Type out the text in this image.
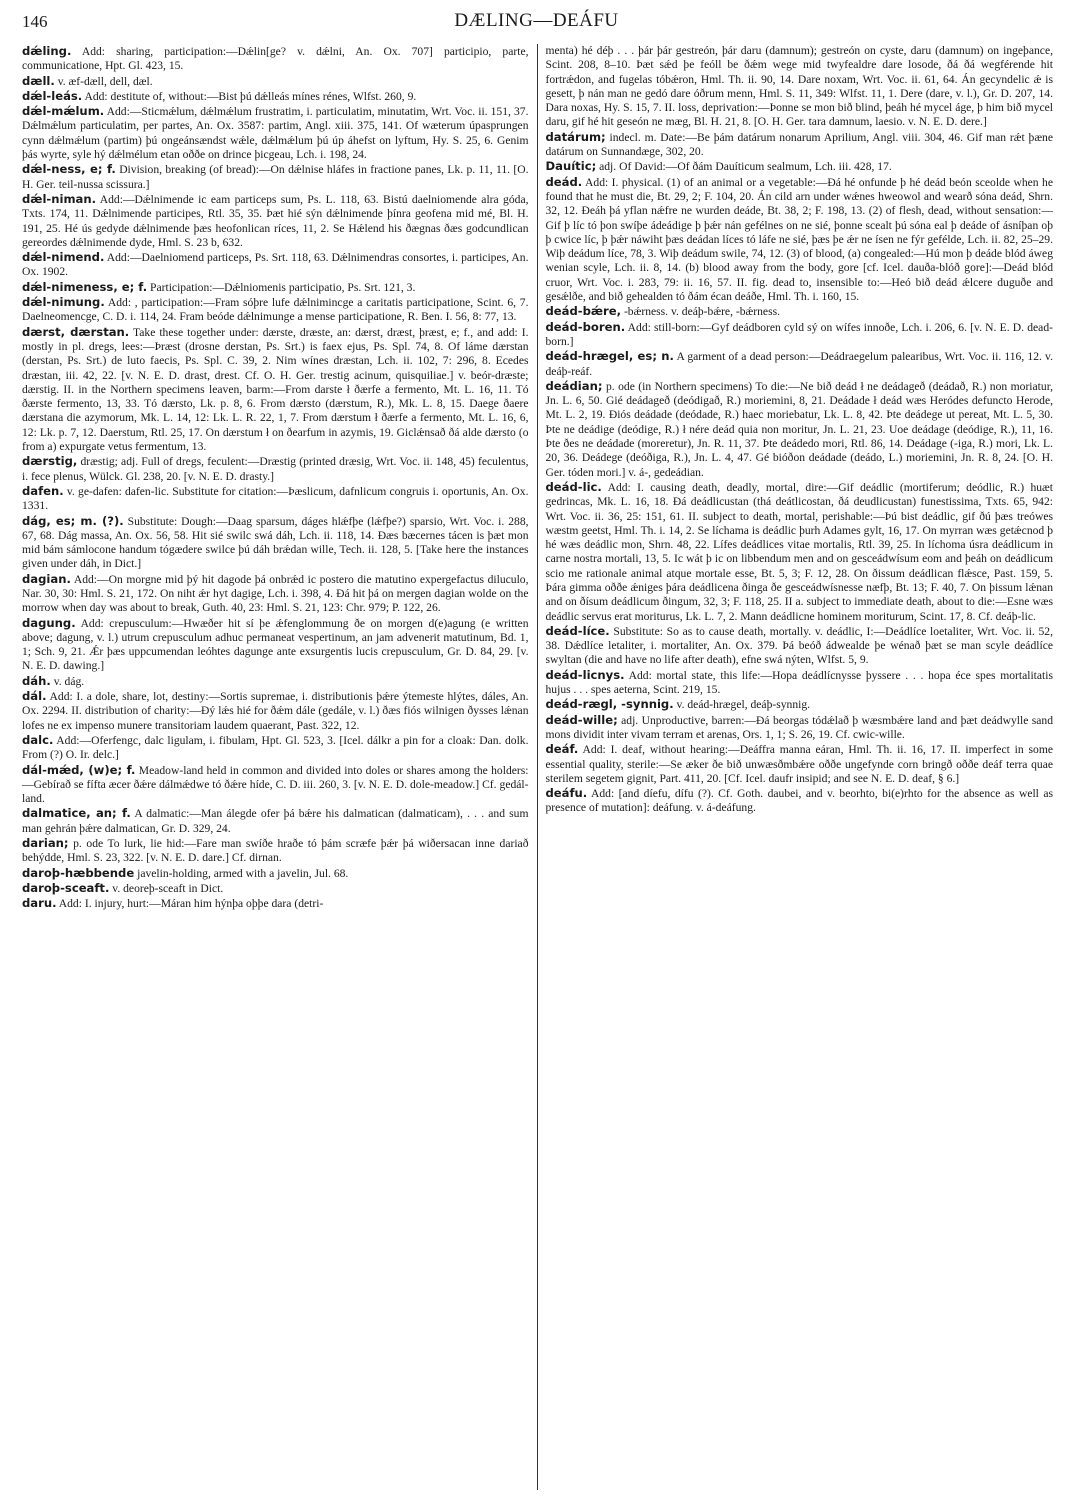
146	DÆLING—DEÁFU

dǽling. Add: sharing, participation:—Dǽlin[ge? v. dǽlni, An. Ox. 707] participio, parte, communicatione, Hpt. Gl. 423, 15.

dæll. v. æf-dæll, dell, dæl.

dǽl-leás. Add: destitute of, without:—Bist þú dǽlleás mínes rénes, Wlfst. 260, 9.

dǽl-mǽlum. Add:—Sticmǽlum, dǽlmǽlum frustratim, i. particulatim, minutatim, Wrt. Voc. ii. 151, 37. Dǽlmǽlum particulatim, per partes, An. Ox. 3587: partim, Angl. xiii. 375, 141. Of wæterum úpasprungen cynn dǽlmǽlum (partim) þú ongeánsændst wǽle, dǽlmǽlum þú úp áhefst on lyftum, Hy. S. 25, 6. Genim þás wyrte, syle hý dǽlmélum etan oððe on drince þicgeau, Lch. i. 198, 24.

dǽl-ness, e; f. Division, breaking (of bread):—On dǽlnise hláfes in fractione panes, Lk. p. 11, 11. [O. H. Ger. teil-nussa scissura.]

dǽl-niman. Add:—Dǽlnimende ic eam particeps sum, Ps. L. 118, 63. Bistú daelniomende alra góda, Txts. 174, 11. Dǽlnimende participes, Rtl. 35, 35. Þæt hié sýn dǽlnimende þínra geofena mid mé, Bl. H. 191, 25. Hé ús gedyde dǽlnimende þæs heofonlican ríces, 11, 2. Se Hǽlend his ðægnas ðæs godcundlican gereordes dǽlnimende dyde, Hml. S. 23 b, 632.

dǽl-nimend. Add:—Daelniomend particeps, Ps. Srt. 118, 63. Dǽlnimendras consortes, i. participes, An. Ox. 1902.

dǽl-nimeness, e; f. Participation:—Dǽlniomenis participatio, Ps. Srt. 121, 3.

dǽl-nimung. Add: , participation:—Fram sóþre lufe dǽlnimincge a caritatis participatione, Scint. 6, 7. Daelneomencge, C. D. i. 114, 24. Fram beóde dǽlnimunge a mense participatione, R. Ben. I. 56, 8: 77, 13.

dærst, dærstan. Take these together under: dærste, dræste, an: dærst, dræst, þræst, e; f., and add: I. mostly in pl. dregs, lees:—Þræst (drosne derstan, Ps. Srt.) is faex ejus, Ps. Spl. 74, 8. Of láme dærstan (derstan, Ps. Srt.) de luto faecis, Ps. Spl. C. 39, 2. Nim wínes dræstan, Lch. ii. 102, 7: 296, 8. Ecedes dræstan, iii. 42, 22. [v. N. E. D. drast, drest. Cf. O. H. Ger. trestig acinum, quisquiliae.] v. beór-dræste; dærstig. II. in the Northern specimens leaven, barm:—From darste ł ðærfe a fermento, Mt. L. 16, 11. Tó ðærste fermento, 13, 33. Tó dærsto, Lk. p. 8, 6. From dærsto (dærstum, R.), Mk. L. 8, 15. Daege ðaere dærstana die azymorum, Mk. L. 14, 12: Lk. L. R. 22, 1, 7. From dærstum ł ðærfe a fermento, Mt. L. 16, 6, 12: Lk. p. 7, 12. Daerstum, Rtl. 25, 17. On dærstum ł on ðearfum in azymis, 19. Giclǽnsað ðá alde dærsto (o from a) expurgate vetus fermentum, 13.

dærstig, dræstig; adj. Full of dregs, feculent:—Dræstig (printed dræsig, Wrt. Voc. ii. 148, 45) feculentus, i. fece plenus, Wülck. Gl. 238, 20. [v. N. E. D. drasty.]

dafen. v. ge-dafen: dafen-lic. Substitute for citation:—Þæslicum, dafnlicum congruis i. oportunis, An. Ox. 1331.

dág, es; m. (?). Substitute: Dough:—Daag sparsum, dáges hlǽfþe (lǽfþe?) sparsio, Wrt. Voc. i. 288, 67, 68. Dág massa, An. Ox. 56, 58. Hit sié swilc swá dáh, Lch. ii. 118, 14. Ðæs bæcernes tácen is þæt mon mid bám sámlocone handum tógædere swilce þú dáh brǽdan wille, Tech. ii. 128, 5. [Take here the instances given under dáh, in Dict.]

dagian. Add:—On morgne mid þý hit dagode þá onbrǽd ic postero die matutino expergefactus diluculo, Nar. 30, 30: Hml. S. 21, 172. On niht ǽr hyt dagige, Lch. i. 398, 4. Ðá hit þá on mergen dagian wolde on the morrow when day was about to break, Guth. 40, 23: Hml. S. 21, 123: Chr. 979; P. 122, 26.

dagung. Add: crepusculum:—Hwæðer hit sí þe ǽfenglommung ðe on morgen d(e)agung (e written above; dagung, v. l.) utrum crepusculum adhuc permaneat vespertinum, an jam advenerit matutinum, Bd. 1, 1; Sch. 9, 21. Ǽr þæs uppcumendan leóhtes dagunge ante exsurgentis lucis crepusculum, Gr. D. 84, 29. [v. N. E. D. dawing.]

dáh. v. dág.

dál. Add: I. a dole, share, lot, destiny:—Sortis supremae, i. distributionis þǽre ýtemeste hlýtes, dáles, An. Ox. 2294. II. distribution of charity:—Ðý lǽs hié for ðǽm dále (gedále, v. l.) ðæs fiós wilnigen ðysses lǽnan lofes ne ex impenso munere transitoriam laudem quaerant, Past. 322, 12.

dalc. Add:—Oferfengc, dalc ligulam, i. fibulam, Hpt. Gl. 523, 3. [Icel. dálkr a pin for a cloak: Dan. dolk. From (?) O. Ir. delc.]

dál-mǽd, (w)e; f. Meadow-land held in common and divided into doles or shares among the holders:—Gebírað se fífta æcer ðǽre dálmǽdwe tó ðǽre híde, C. D. iii. 260, 3. [v. N. E. D. dole-meadow.] Cf. gedál-land.

dalmatice, an; f. A dalmatic:—Man álegde ofer þá bǽre his dalmatican (dalmaticam), . . . and sum man gehrán þǽre dalmatican, Gr. D. 329, 24.

darian; p. ode To lurk, lie hid:—Fare man swíðe hraðe tó þám scræfe þǽr þá wiðersacan inne dariað behýdde, Hml. S. 23, 322. [v. N. E. D. dare.] Cf. dirnan.

daroþ-hæbbende javelin-holding, armed with a javelin, Jul. 68.

daroþ-sceaft. v. deoreþ-sceaft in Dict.

daru. Add: I. injury, hurt:—Máran him hýnþa oþþe dara (detri-

menta) hé déþ . . . þár þár gestreón, þár daru (damnum); gestreón on cyste, daru (damnum) on ingeþance, Scint. 208, 8–10. Þæt sǽd þe feóll be ðǽm wege mid twyfealdre dare losode, ðá ðá wegférende hit fortrǽdon, and fugelas tóbǽron, Hml. Th. ii. 90, 14. Dare noxam, Wrt. Voc. ii. 61, 64. Án gecyndelic ǽ is gesett, þ nán man ne gedó dare óðrum menn, Hml. S. 11, 349: Wlfst. 11, 1. Dere (dare, v. l.), Gr. D. 207, 14. Dara noxas, Hy. S. 15, 7. II. loss, deprivation:—Þonne se mon bið blind, þeáh hé mycel áge, þ him bið mycel daru, gif hé hit geseón ne mæg, Bl. H. 21, 8. [O. H. Ger. tara damnum, laesio. v. N. E. D. dere.]

datárum; indecl. m. Date:—Be þám datárum nonarum Aprilium, Angl. viii. 304, 46. Gif man rǽt þæne datárum on Sunnandæge, 302, 20.

Dauític; adj. Of David:—Of ðám Dauíticum sealmum, Lch. iii. 428, 17.

deád. Add: I. physical. (1) of an animal or a vegetable:—Ðá hé onfunde þ hé deád beón sceolde when he found that he must die, Bt. 29, 2; F. 104, 20. Án cild arn under wǽnes hweowol and wearð sóna deád, Shrn. 32, 12. Ðeáh þá yflan nǽfre ne wurden deáde, Bt. 38, 2; F. 198, 13. (2) of flesh, dead, without sensation:—Gif þ líc tó þon swíþe ádeádige þ þǽr nán gefélnes on ne sié, þonne scealt þú sóna eal þ deáde of ásníþan oþ þ cwice líc, þ þǽr náwiht þæs deádan líces tó láfe ne sié, þæs þe ǽr ne ísen ne fýr gefélde, Lch. ii. 82, 25–29. Wiþ deádum líce, 78, 3. Wiþ deádum swile, 74, 12. (3) of blood, (a) congealed:—Hú mon þ deáde blód áweg wenian scyle, Lch. ii. 8, 14. (b) blood away from the body, gore [cf. Icel. dauða-blóð gore]:—Deád blód cruor, Wrt. Voc. i. 283, 79: ii. 16, 57. II. fig. dead to, insensible to:—Heó bið deád ǽlcere duguðe and gesǽlðe, and bið gehealden tó ðám écan deáðe, Hml. Th. i. 160, 15.

deád-bǽre, -bǽrness. v. deáþ-bǽre, -bǽrness.

deád-boren. Add: still-born:—Gyf deádboren cyld sý on wífes innoðe, Lch. i. 206, 6. [v. N. E. D. dead-born.]

deád-hrægel, es; n. A garment of a dead person:—Deádraegelum palearibus, Wrt. Voc. ii. 116, 12. v. deáþ-reáf.

deádian; p. ode (in Northern specimens) To die:—Ne bið deád ł ne deádageð (deádað, R.) non moriatur, Jn. L. 6, 50. Gié deádageð (deódigað, R.) moriemini, 8, 21. Deádade ł deád wæs Heródes defuncto Herode, Mt. L. 2, 19. Ðiós deádade (deódade, R.) haec moriebatur, Lk. L. 8, 42. Þte deádege ut pereat, Mt. L. 5, 30. Þte ne deádige (deódige, R.) ł nére deád quia non moritur, Jn. L. 21, 23. Uoe deádage (deódige, R.), 11, 16. Þte ðes ne deádade (moreretur), Jn. R. 11, 37. Þte deádedo mori, Rtl. 86, 14. Deádage (-iga, R.) mori, Lk. L. 20, 36. Deádege (deóðiga, R.), Jn. L. 4, 47. Gé bióðon deádade (deádo, L.) moriemini, Jn. R. 8, 24. [O. H. Ger. tóden mori.] v. á-, gedeádian.

deád-lic. Add: I. causing death, deadly, mortal, dire:—Gif deádlic (mortiferum; deódlic, R.) huæt gedrincas, Mk. L. 16, 18. Ðá deádlicustan (thá deátlicostan, ðá deudlicustan) funestissima, Txts. 65, 942: Wrt. Voc. ii. 36, 25: 151, 61. II. subject to death, mortal, perishable:—Þú bist deádlic, gif ðú þæs treówes wæstm geetst, Hml. Th. i. 14, 2. Se líchama is deádlic þurh Adames gylt, 16, 17. On myrran wæs getǽcnod þ hé wæs deádlic mon, Shrn. 48, 22. Lífes deádlices vitae mortalis, Rtl. 39, 25. In líchoma úsra deádlicum in carne nostra mortali, 13, 5. Ic wát þ ic on libbendum men and on gesceádwísum eom and þeáh on deádlicum scio me rationale animal atque mortale esse, Bt. 5, 3; F. 12, 28. On ðissum deádlican flǽsce, Past. 159, 5. Þára gimma oððe ǽniges þára deádlicena ðinga ðe gesceádwísnesse næfþ, Bt. 13; F. 40, 7. On þissum lǽnan and on ðísum deádlicum ðingum, 32, 3; F. 118, 25. II a. subject to immediate death, about to die:—Esne wæs deádlic servus erat moriturus, Lk. L. 7, 2. Mann deádlicne hominem moriturum, Scint. 17, 8. Cf. deáþ-lic.

deád-líce. Substitute: So as to cause death, mortally. v. deádlic, I:—Deádlíce loetaliter, Wrt. Voc. ii. 52, 38. Dǽdlíce letaliter, i. mortaliter, An. Ox. 379. Þá beóð ádwealde þe wénað þæt se man scyle deádlíce swyltan (die and have no life after death), efne swá nýten, Wlfst. 5, 9.

deád-licnys. Add: mortal state, this life:—Hopa deádlícnysse þyssere . . . hopa éce spes mortalitatis hujus . . . spes aeterna, Scint. 219, 15.

deád-rægl, -synnig. v. deád-hrægel, deáþ-synnig.

deád-wille; adj. Unproductive, barren:—Ðá beorgas tódǽlað þ wæsmbǽre land and þæt deádwylle sand mons dividit inter vivam terram et arenas, Ors. 1, 1; S. 26, 19. Cf. cwic-wille.

deáf. Add: I. deaf, without hearing:—Deáffra manna eáran, Hml. Th. ii. 16, 17. II. imperfect in some essential quality, sterile:—Se æker ðe bið unwæsðmbǽre oððe ungefynde corn bringð oððe deáf terra quae sterilem segetem gignit, Part. 411, 20. [Cf. Icel. daufr insipid; and see N. E. D. deaf, § 6.]

deáfu. Add: [and díefu, dífu (?). Cf. Goth. daubei, and v. beorhto, bi(e)rhto for the absence as well as presence of mutation]: deáfung. v. á-deáfung.
